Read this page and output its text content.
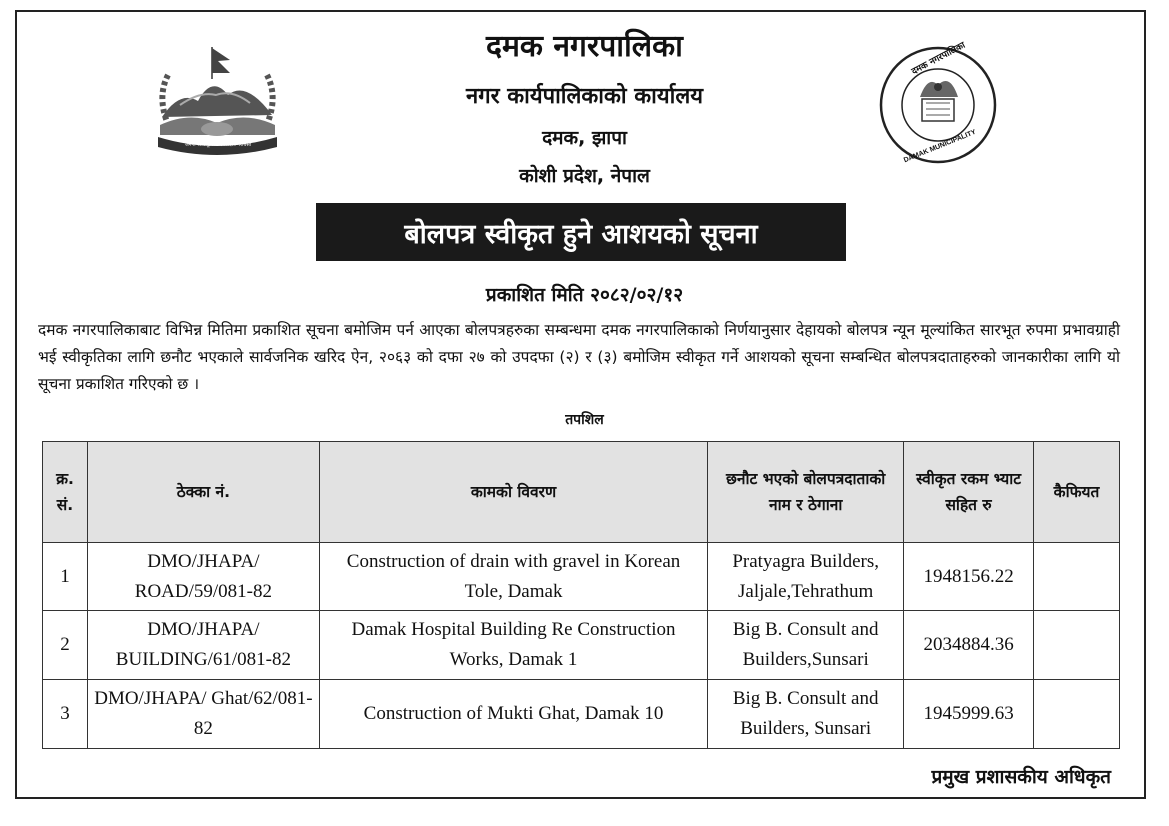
जननी जन्मभूमिश्च स्वर्गादपि गरीयसी
दमक नगरपालिका
DAMAK MUNICIPALITY
दमक नगरपालिका
नगर कार्यपालिकाको कार्यालय
दमक, झापा
कोशी प्रदेश, नेपाल
बोलपत्र स्वीकृत हुने आशयको सूचना
प्रकाशित मिति २०८२/०२/१२
दमक नगरपालिकाबाट विभिन्न मितिमा प्रकाशित सूचना बमोजिम पर्न आएका बोलपत्रहरुका सम्बन्धमा दमक नगरपालिकाको निर्णयानुसार देहायको बोलपत्र न्यून मूल्यांकित सारभूत रुपमा प्रभावग्राही भई स्वीकृतिका लागि छनौट भएकाले सार्वजनिक खरिद ऐन, २०६३ को दफा २७ को उपदफा (२) र (३) बमोजिम स्वीकृत गर्ने आशयको सूचना सम्बन्धित बोलपत्रदाताहरुको जानकारीका लागि यो सूचना प्रकाशित गरिएको छ ।
तपशिल
क्र. सं.	ठेक्का नं.	कामको विवरण	छनौट भएको बोलपत्रदाताको नाम र ठेगाना	स्वीकृत रकम भ्याट सहित रु	कैफियत
1	DMO/JHAPA/ ROAD/59/081-82	Construction of drain with gravel in Korean Tole, Damak	Pratyagra Builders, Jaljale,Tehrathum	1948156.22	
2	DMO/JHAPA/ BUILDING/61/081-82	Damak Hospital Building Re Construction Works, Damak 1	Big B. Consult and Builders,Sunsari	2034884.36	
3	DMO/JHAPA/ Ghat/62/081-82	Construction of Mukti Ghat, Damak 10	Big B. Consult and Builders, Sunsari	1945999.63	
प्रमुख प्रशासकीय अधिकृत
